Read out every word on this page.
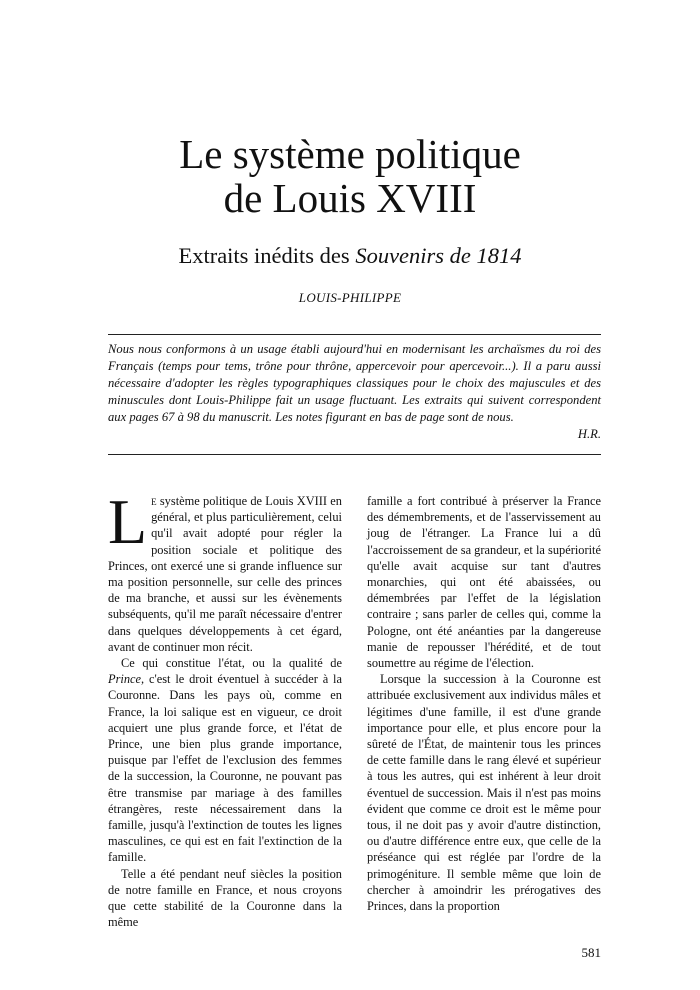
Le système politique
de Louis XVIII
Extraits inédits des Souvenirs de 1814
LOUIS-PHILIPPE

Nous nous conformons à un usage établi aujourd'hui en modernisant les archaïsmes du roi des Français (temps pour tems, trône pour thrône, appercevoir pour apercevoir...). Il a paru aussi nécessaire d'adopter les règles typographiques classiques pour le choix des majuscules et des minuscules dont Louis-Philippe fait un usage fluctuant. Les extraits qui suivent correspondent aux pages 67 à 98 du manuscrit. Les notes figurant en bas de page sont de nous.

H.R.

Le système politique de Louis XVIII en général, et plus particulièrement, celui qu'il avait adopté pour régler la position sociale et politique des Princes, ont exercé une si grande influence sur ma position personnelle, sur celle des princes de ma branche, et aussi sur les évènements subséquents, qu'il me paraît nécessaire d'entrer dans quelques développements à cet égard, avant de continuer mon récit.

Ce qui constitue l'état, ou la qualité de Prince, c'est le droit éventuel à succéder à la Couronne. Dans les pays où, comme en France, la loi salique est en vigueur, ce droit acquiert une plus grande force, et l'état de Prince, une bien plus grande importance, puisque par l'effet de l'exclusion des femmes de la succession, la Couronne, ne pouvant pas être transmise par mariage à des familles étrangères, reste nécessairement dans la famille, jusqu'à l'extinction de toutes les lignes masculines, ce qui est en fait l'extinction de la famille.

Telle a été pendant neuf siècles la position de notre famille en France, et nous croyons que cette stabilité de la Couronne dans la même

famille a fort contribué à préserver la France des démembrements, et de l'asservissement au joug de l'étranger. La France lui a dû l'accroissement de sa grandeur, et la supériorité qu'elle avait acquise sur tant d'autres monarchies, qui ont été abaissées, ou démembrées par l'effet de la législation contraire ; sans parler de celles qui, comme la Pologne, ont été anéanties par la dangereuse manie de repousser l'hérédité, et de tout soumettre au régime de l'élection.

Lorsque la succession à la Couronne est attribuée exclusivement aux individus mâles et légitimes d'une famille, il est d'une grande importance pour elle, et plus encore pour la sûreté de l'État, de maintenir tous les princes de cette famille dans le rang élevé et supérieur à tous les autres, qui est inhérent à leur droit éventuel de succession. Mais il n'est pas moins évident que comme ce droit est le même pour tous, il ne doit pas y avoir d'autre distinction, ou d'autre différence entre eux, que celle de la préséance qui est réglée par l'ordre de la primogéniture. Il semble même que loin de chercher à amoindrir les prérogatives des Princes, dans la proportion

581
